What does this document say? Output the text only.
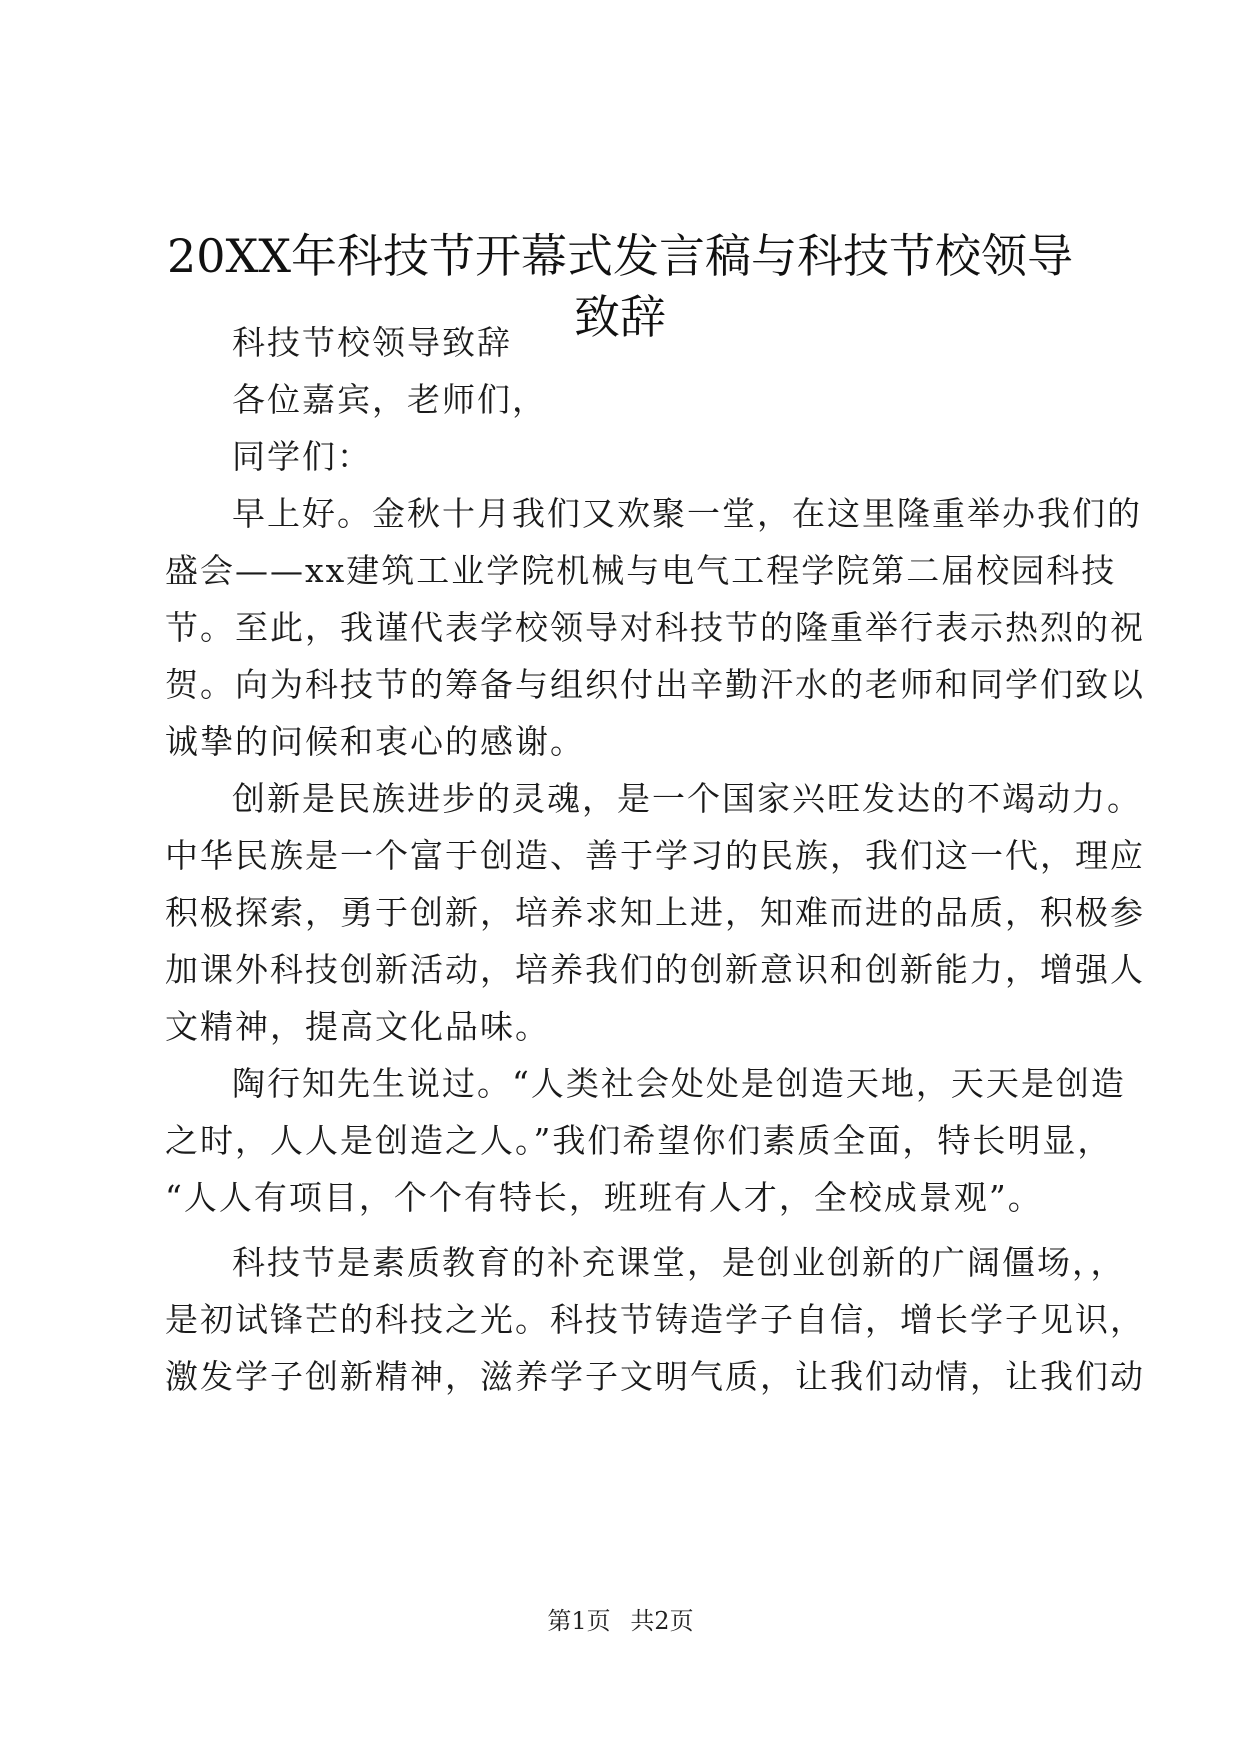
20XX年科技节开幕式发言稿与科技节校领导
致辞

科技节校领导致辞

各位嘉宾，老师们，

同学们：

早上好。金秋十月我们又欢聚一堂，在这里隆重举办我们的

盛会——xx建筑工业学院机械与电气工程学院第二届校园科技

节。至此，我谨代表学校领导对科技节的隆重举行表示热烈的祝

贺。向为科技节的筹备与组织付出辛勤汗水的老师和同学们致以

诚挚的问候和衷心的感谢。

创新是民族进步的灵魂，是一个国家兴旺发达的不竭动力。

中华民族是一个富于创造、善于学习的民族，我们这一代，理应

积极探索，勇于创新，培养求知上进，知难而进的品质，积极参

加课外科技创新活动，培养我们的创新意识和创新能力，增强人

文精神，提高文化品味。

陶行知先生说过。“人类社会处处是创造天地，天天是创造

之时，人人是创造之人。”我们希望你们素质全面，特长明显，

“人人有项目，个个有特长，班班有人才，全校成景观”。

科技节是素质教育的补充课堂，是创业创新的广阔僵场，，

是初试锋芒的科技之光。科技节铸造学子自信，增长学子见识，

激发学子创新精神，滋养学子文明气质，让我们动情，让我们动

第1页 共2页
